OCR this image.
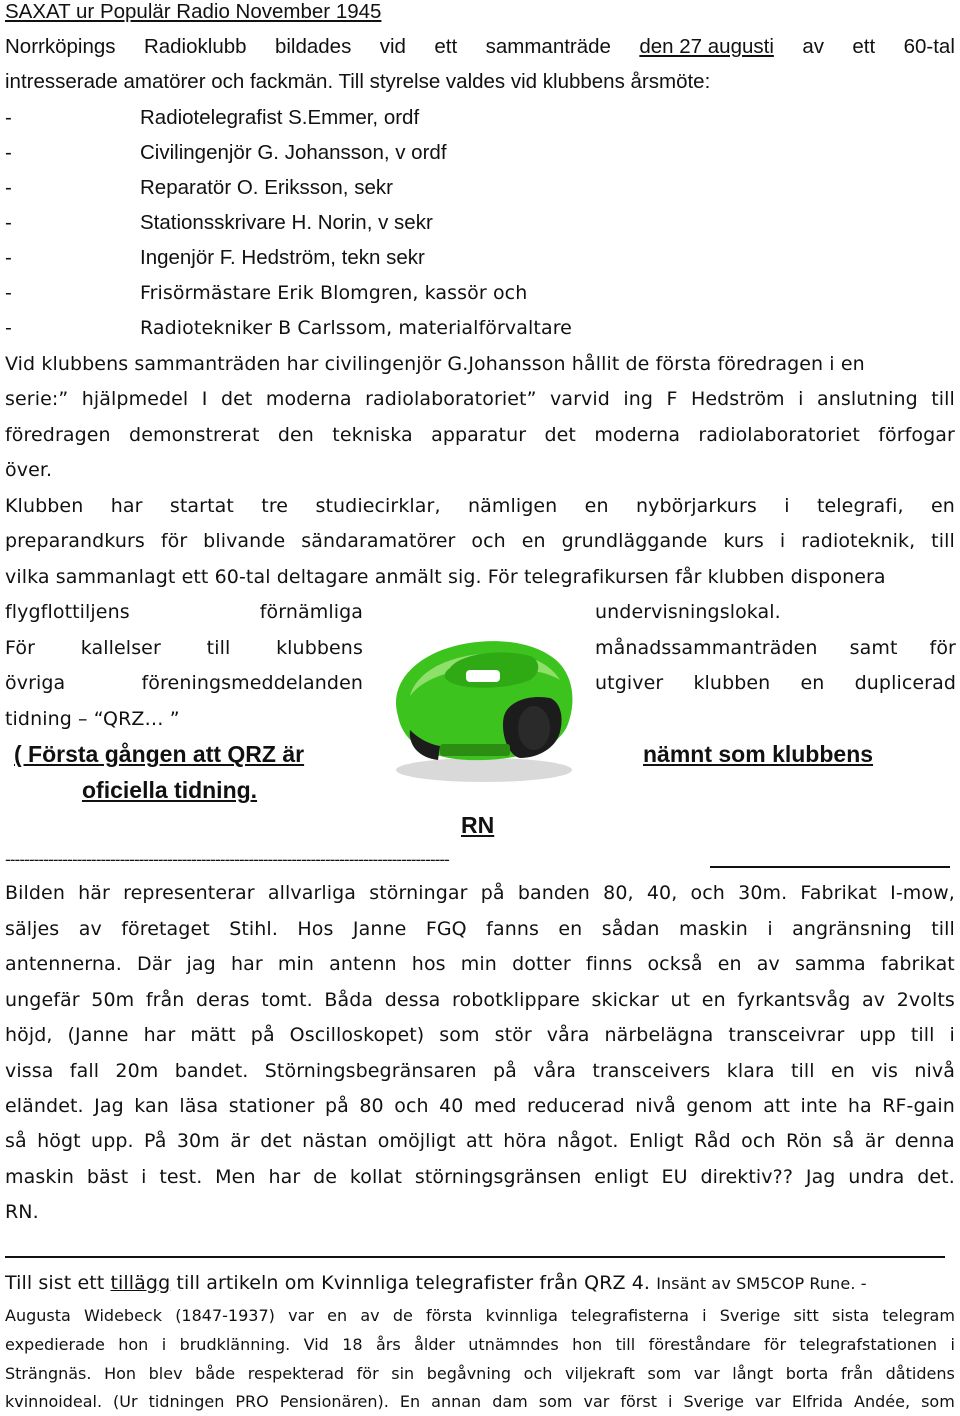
SAXAT ur Populär Radio November 1945
Norrköpings Radioklubb bildades vid ett sammanträde den 27 augusti av ett 60-tal
intresserade amatörer och fackmän. Till styrelse valdes vid klubbens årsmöte:
-	Radiotelegrafist S.Emmer, ordf
-	Civilingenjör G. Johansson, v ordf
-	Reparatör O. Eriksson, sekr
-	Stationsskrivare H. Norin, v sekr
-	Ingenjör F. Hedström, tekn sekr
-	Frisörmästare Erik Blomgren, kassör och
-	Radiotekniker B Carlssom, materialförvaltare
Vid klubbens sammanträden har civilingenjör G.Johansson hållit de första föredragen i en
serie:” hjälpmedel I det moderna radiolaboratoriet” varvid ing F Hedström i anslutning till
föredragen demonstrerat den tekniska apparatur det moderna radiolaboratoriet förfogar
över.
Klubben har startat tre studiecirklar, nämligen en nybörjarkurs i telegrafi, en
preparandkurs för blivande sändaramatörer och en grundläggande kurs i radioteknik, till
vilka sammanlagt ett 60-tal deltagare anmält sig. För telegrafikursen får klubben disponera
flygflottiljens	förnämliga
För kallelser till klubbens
övriga	föreningsmeddelanden
tidning – “QRZ… ”
undervisningslokal.
månadssammanträden samt för
utgiver klubben en duplicerad
( Första gången att QRZ är	nämnt som klubbens
oficiella tidning.
RN
---------------------------------------------------------------------------------------------
Bilden här representerar allvarliga störningar på banden 80, 40, och 30m. Fabrikat I-mow,
säljes av företaget Stihl. Hos Janne FGQ fanns en sådan maskin i angränsning till
antennerna. Där jag har min antenn hos min dotter finns också en av samma fabrikat
ungefär 50m från deras tomt. Båda dessa robotklippare skickar ut en fyrkantsvåg av 2volts
höjd, (Janne har mätt på Oscilloskopet) som stör våra närbelägna transceivrar upp till i
vissa fall 20m bandet. Störningsbegränsaren på våra transceivers klara till en vis nivå
eländet. Jag kan läsa stationer på 80 och 40 med reducerad nivå genom att inte ha RF-gain
så högt upp. På 30m är det nästan omöjligt att höra något. Enligt Råd och Rön så är denna
maskin bäst i test. Men har de kollat störningsgränsen enligt EU direktiv?? Jag undra det.
RN.
Till sist ett tillägg till artikeln om Kvinnliga telegrafister från QRZ 4. Insänt av SM5COP Rune. -
Augusta Widebeck (1847-1937) var en av de första kvinnliga telegrafisterna i Sverige sitt sista telegram
expedierade hon i brudklänning. Vid 18 års ålder utnämndes hon till föreståndare för telegrafstationen i
Strängnäs. Hon blev både respekterad för sin begåvning och viljekraft som var långt borta från dåtidens
kvinnoideal. (Ur tidningen PRO Pensionären). En annan dam som var först i Sverige var Elfrida Andée, som
